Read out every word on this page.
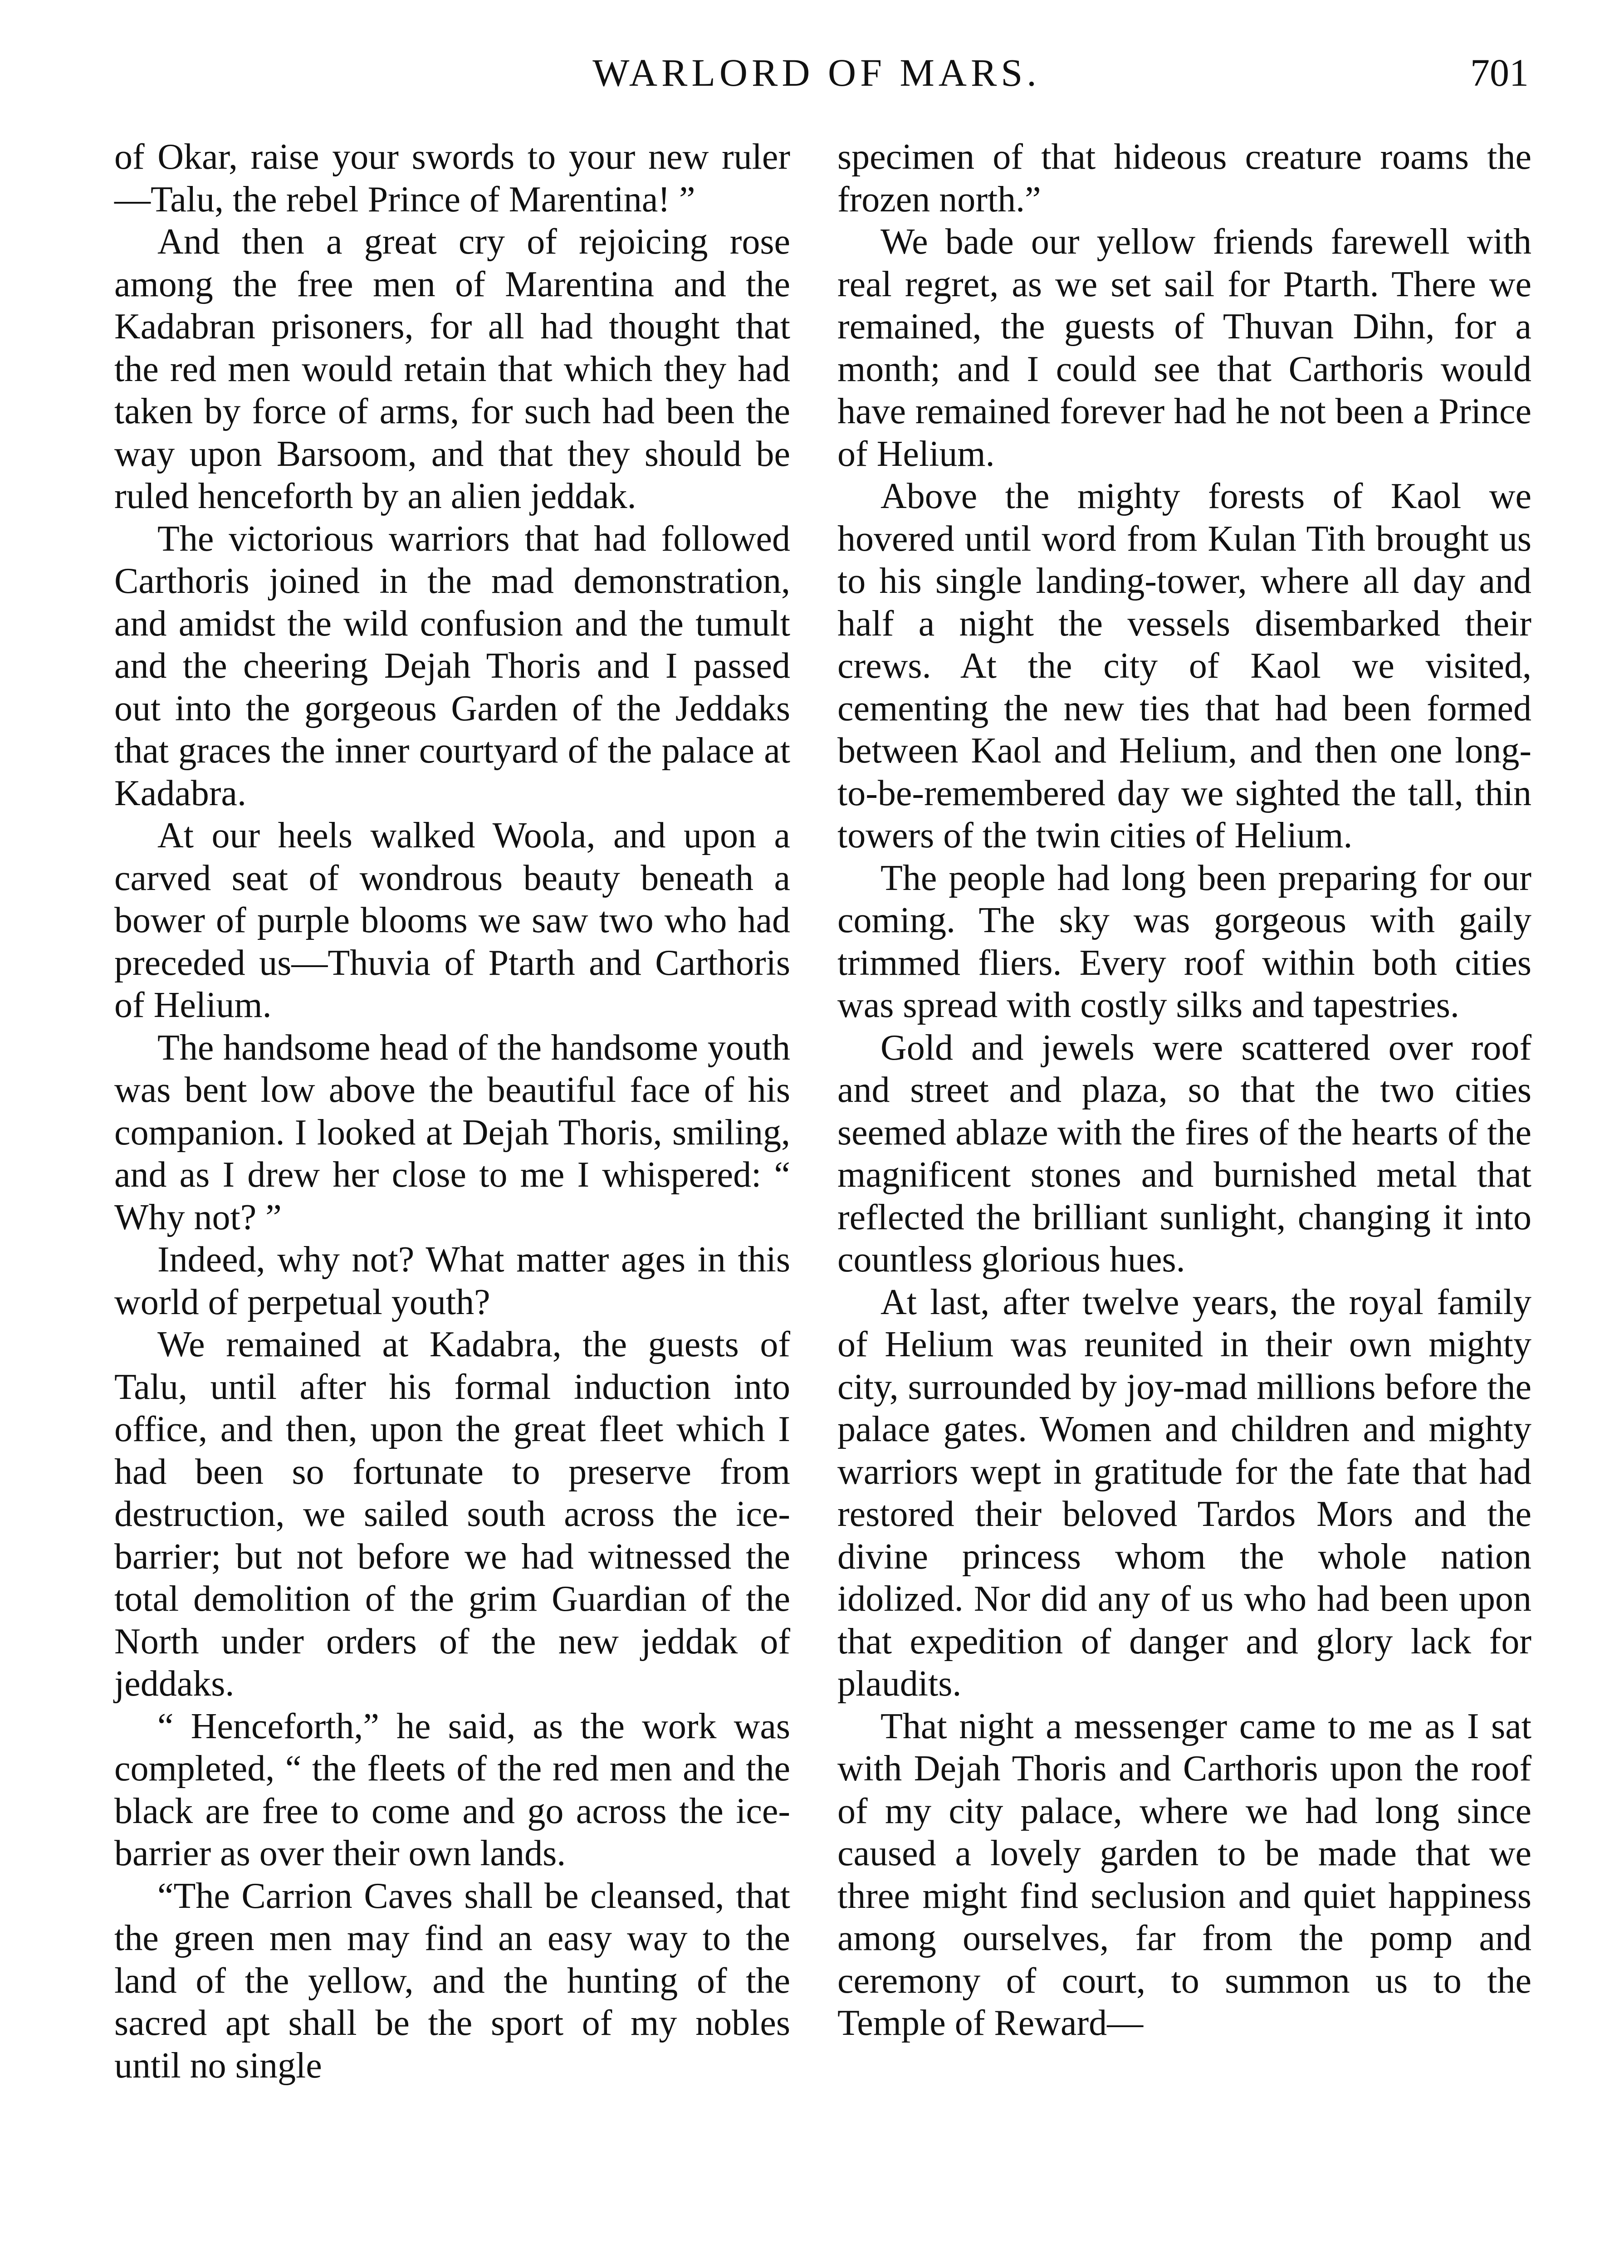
WARLORD OF MARS.	701

of Okar, raise your swords to your new ruler—Talu, the rebel Prince of Marentina! ”

And then a great cry of rejoicing rose among the free men of Marentina and the Kadabran prisoners, for all had thought that the red men would retain that which they had taken by force of arms, for such had been the way upon Barsoom, and that they should be ruled henceforth by an alien jeddak.

The victorious warriors that had followed Carthoris joined in the mad demonstration, and amidst the wild confusion and the tumult and the cheering Dejah Thoris and I passed out into the gorgeous Garden of the Jeddaks that graces the inner courtyard of the palace at Kadabra.

At our heels walked Woola, and upon a carved seat of wondrous beauty beneath a bower of purple blooms we saw two who had preceded us—Thuvia of Ptarth and Carthoris of Helium.

The handsome head of the handsome youth was bent low above the beautiful face of his companion. I looked at Dejah Thoris, smiling, and as I drew her close to me I whispered: “ Why not? ”

Indeed, why not? What matter ages in this world of perpetual youth?

We remained at Kadabra, the guests of Talu, until after his formal induction into office, and then, upon the great fleet which I had been so fortunate to preserve from destruction, we sailed south across the ice-barrier; but not before we had witnessed the total demolition of the grim Guardian of the North under orders of the new jeddak of jeddaks.

“ Henceforth,” he said, as the work was completed, “ the fleets of the red men and the black are free to come and go across the ice-barrier as over their own lands.

“The Carrion Caves shall be cleansed, that the green men may find an easy way to the land of the yellow, and the hunting of the sacred apt shall be the sport of my nobles until no single

specimen of that hideous creature roams the frozen north.”

We bade our yellow friends farewell with real regret, as we set sail for Ptarth. There we remained, the guests of Thuvan Dihn, for a month; and I could see that Carthoris would have remained forever had he not been a Prince of Helium.

Above the mighty forests of Kaol we hovered until word from Kulan Tith brought us to his single landing-tower, where all day and half a night the vessels disembarked their crews. At the city of Kaol we visited, cementing the new ties that had been formed between Kaol and Helium, and then one long-to-be-remembered day we sighted the tall, thin towers of the twin cities of Helium.

The people had long been preparing for our coming. The sky was gorgeous with gaily trimmed fliers. Every roof within both cities was spread with costly silks and tapestries.

Gold and jewels were scattered over roof and street and plaza, so that the two cities seemed ablaze with the fires of the hearts of the magnificent stones and burnished metal that reflected the brilliant sunlight, changing it into countless glorious hues.

At last, after twelve years, the royal family of Helium was reunited in their own mighty city, surrounded by joy-mad millions before the palace gates. Women and children and mighty warriors wept in gratitude for the fate that had restored their beloved Tardos Mors and the divine princess whom the whole nation idolized. Nor did any of us who had been upon that expedition of danger and glory lack for plaudits.

That night a messenger came to me as I sat with Dejah Thoris and Carthoris upon the roof of my city palace, where we had long since caused a lovely garden to be made that we three might find seclusion and quiet happiness among ourselves, far from the pomp and ceremony of court, to summon us to the Temple of Reward—
